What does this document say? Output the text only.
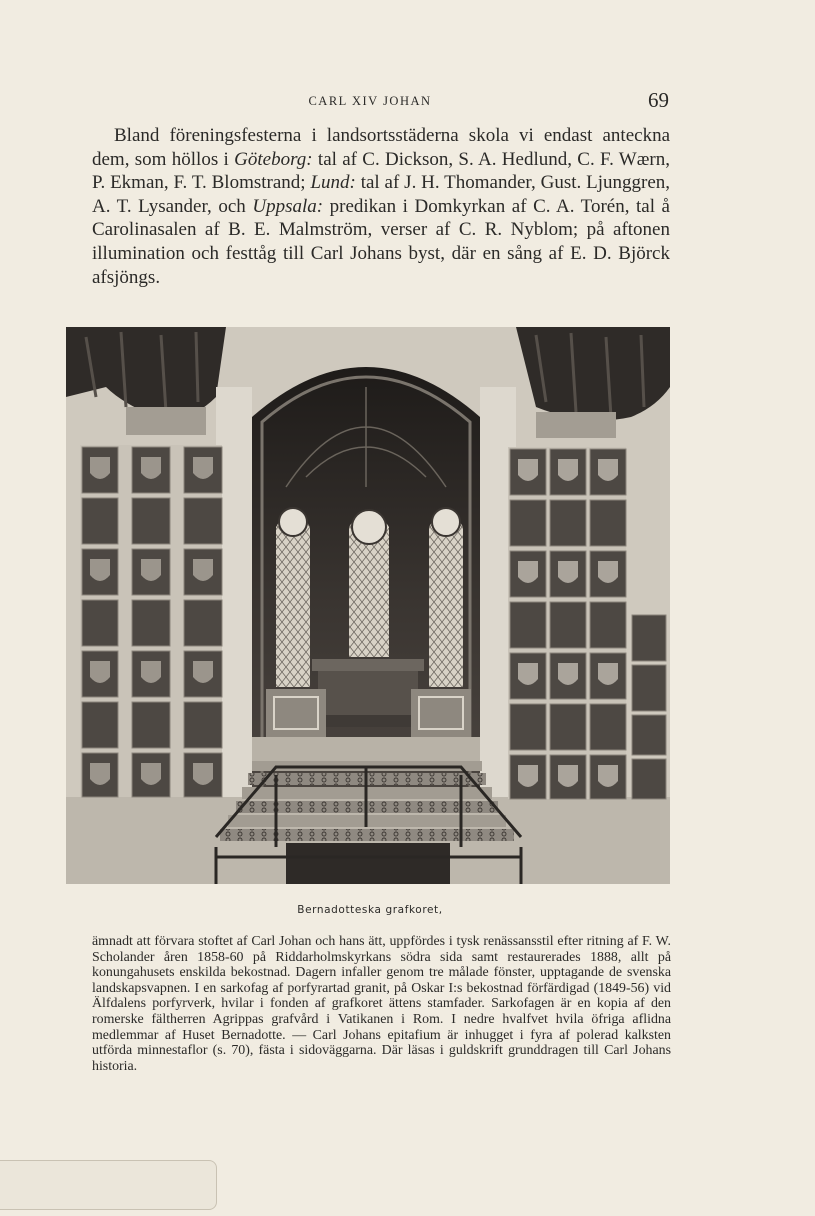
CARL XIV JOHAN	69

Bland föreningsfesterna i landsortsstäderna skola vi endast anteckna dem, som höllos i Göteborg: tal af C. Dickson, S. A. Hedlund, C. F. Wærn, P. Ekman, F. T. Blomstrand; Lund: tal af J. H. Thomander, Gust. Ljunggren, A. T. Lysander, och Uppsala: predikan i Domkyrkan af C. A. Torén, tal å Carolinasalen af B. E. Malmström, verser af C. R. Nyblom; på aftonen illumination och festtåg till Carl Johans byst, där en sång af E. D. Björck afsjöngs.

Bernadotteska grafkoret,

ämnadt att förvara stoftet af Carl Johan och hans ätt, uppfördes i tysk renässansstil efter ritning af F. W. Scholander åren 1858-60 på Riddarholmskyrkans södra sida samt restaurerades 1888, allt på konungahusets enskilda bekostnad. Dagern infaller genom tre målade fönster, upptagande de svenska landskapsvapnen. I en sarkofag af porfyrartad granit, på Oskar I:s bekostnad förfärdigad (1849-56) vid Älfdalens porfyrverk, hvilar i fonden af grafkoret ättens stamfader. Sarkofagen är en kopia af den romerske fältherren Agrippas grafvård i Vatikanen i Rom. I nedre hvalfvet hvila öfriga aflidna medlemmar af Huset Bernadotte. — Carl Johans epitafium är inhugget i fyra af polerad kalksten utförda minnestaflor (s. 70), fästa i sidoväggarna. Där läsas i guldskrift grunddragen till Carl Johans historia.
